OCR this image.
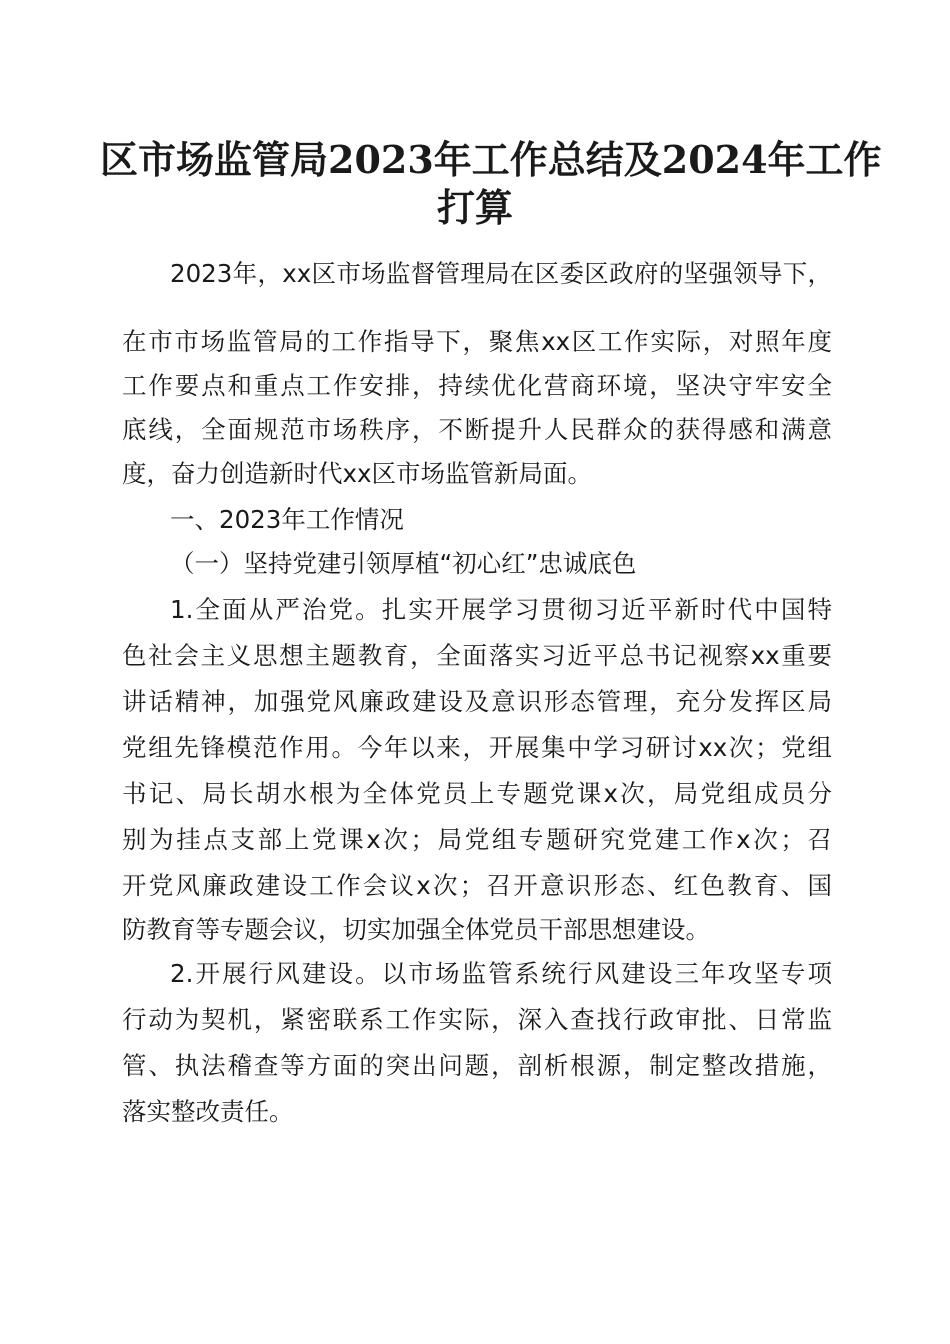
区市场监管局2023年工作总结及2024年工作
打算

2023年，xx区市场监督管理局在区委区政府的坚强领导下，

在市市场监管局的工作指导下，聚焦xx区工作实际，对照年度

工作要点和重点工作安排，持续优化营商环境，坚决守牢安全

底线，全面规范市场秩序，不断提升人民群众的获得感和满意

度，奋力创造新时代xx区市场监管新局面。

一、2023年工作情况

（一）坚持党建引领厚植“初心红”忠诚底色

1.全面从严治党。扎实开展学习贯彻习近平新时代中国特

色社会主义思想主题教育，全面落实习近平总书记视察xx重要

讲话精神，加强党风廉政建设及意识形态管理，充分发挥区局

党组先锋模范作用。今年以来，开展集中学习研讨xx次；党组

书记、局长胡水根为全体党员上专题党课x次，局党组成员分

别为挂点支部上党课x次；局党组专题研究党建工作x次；召

开党风廉政建设工作会议x次；召开意识形态、红色教育、国

防教育等专题会议，切实加强全体党员干部思想建设。

2.开展行风建设。以市场监管系统行风建设三年攻坚专项

行动为契机，紧密联系工作实际，深入查找行政审批、日常监

管、执法稽查等方面的突出问题，剖析根源，制定整改措施，

落实整改责任。
